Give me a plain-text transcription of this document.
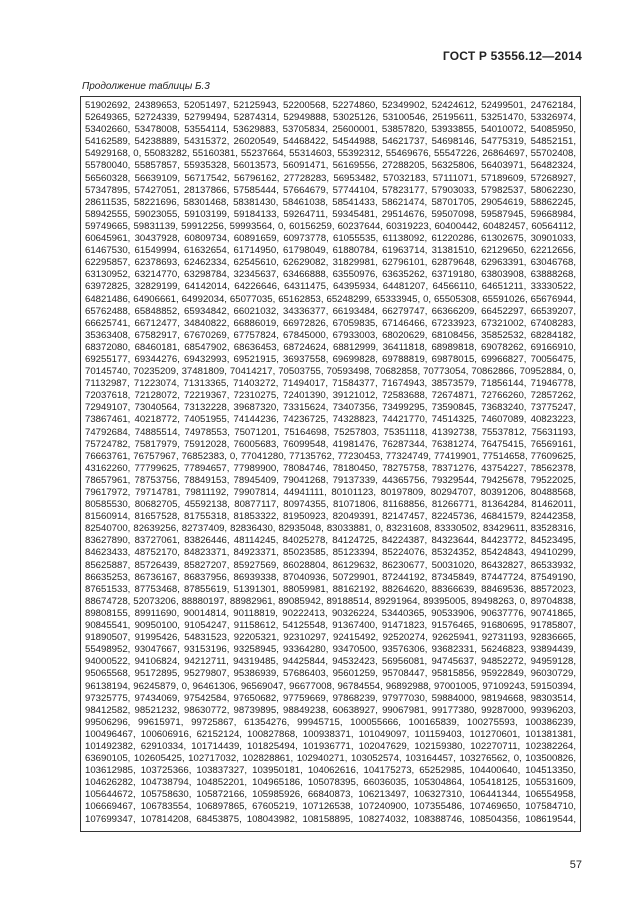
ГОСТ Р 53556.12—2014
Продолжение таблицы Б.3
51902692, 24389653, 52051497, 52125943, 52200568, 52274860, 52349902, 52424612, 52499501, 24762184,
52649365, 52724339, 52799494, 52874314, 52949888, 53025126, 53100546, 25195611, 53251470, 53326974,
53402660, 53478008, 53554114, 53629883, 53705834, 25600001, 53857820, 53933855, 54010072, 54085950,
54162589, 54238889, 54315372, 26020549, 54468422, 54544988, 54621737, 54698146, 54775319, 54852151,
54929168, 0, 55083282, 55160381, 55237664, 55314603, 55392312, 55469676, 55547226, 26864697, 55702408,
55780040, 55857857, 55935328, 56013573, 56091471, 56169556, 27288205, 56325806, 56403971, 56482324,
56560328, 56639109, 56717542, 56796162, 27728283, 56953482, 57032183, 57111071, 57189609, 57268927,
57347895, 57427051, 28137866, 57585444, 57664679, 57744104, 57823177, 57903033, 57982537, 58062230,
28611535, 58221696, 58301468, 58381430, 58461038, 58541433, 58621474, 58701705, 29054619, 58862245,
58942555, 59023055, 59103199, 59184133, 59264711, 59345481, 29514676, 59507098, 59587945, 59668984,
59749665, 59831139, 59912256, 59993564, 0, 60156259, 60237644, 60319223, 60400442, 60482457, 60564112,
60645961, 30437928, 60809734, 60891659, 60973778, 61055535, 61138092, 61220286, 61302675, 30901033,
61467530, 61549994, 61632654, 61714950, 61798049, 61880784, 61963714, 31381510, 62129650, 62212656,
62295857, 62378693, 62462334, 62545610, 62629082, 31829981, 62796101, 62879648, 62963391, 63046768,
63130952, 63214770, 63298784, 32345637, 63466888, 63550976, 63635262, 63719180, 63803908, 63888268,
63972825, 32829199, 64142014, 64226646, 64311475, 64395934, 64481207, 64566110, 64651211, 33330522,
64821486, 64906661, 64992034, 65077035, 65162853, 65248299, 65333945, 0, 65505308, 65591026, 65676944,
65762488, 65848852, 65934842, 66021032, 34336377, 66193484, 66279747, 66366209, 66452297, 66539207,
66625741, 66712477, 34840822, 66886019, 66972826, 67059835, 67146466, 67233923, 67321002, 67408283,
35363408, 67582917, 67670269, 67757824, 67845000, 67933003, 68020629, 68108456, 35852532, 68284182,
68372080, 68460181, 68547902, 68636453, 68724624, 68812999, 36411818, 68989818, 69078262, 69166910,
69255177, 69344276, 69432993, 69521915, 36937558, 69699828, 69788819, 69878015, 69966827, 70056475,
70145740, 70235209, 37481809, 70414217, 70503755, 70593498, 70682858, 70773054, 70862866, 70952884, 0,
71132987, 71223074, 71313365, 71403272, 71494017, 71584377, 71674943, 38573579, 71856144, 71946778,
72037618, 72128072, 72219367, 72310275, 72401390, 39121012, 72583688, 72674871, 72766260, 72857262,
72949107, 73040564, 73132228, 39687320, 73315624, 73407356, 73499295, 73590845, 73683240, 73775247,
73867461, 40218772, 74051955, 74144236, 74236725, 74328823, 74421770, 74514325, 74607089, 40823223,
74792684, 74885514, 74978553, 75071201, 75164698, 75257803, 75351118, 41392738, 75537812, 75631193,
75724782, 75817979, 75912028, 76005683, 76099548, 41981476, 76287344, 76381274, 76475415, 76569161,
76663761, 76757967, 76852383, 0, 77041280, 77135762, 77230453, 77324749, 77419901, 77514658, 77609625,
43162260, 77799625, 77894657, 77989900, 78084746, 78180450, 78275758, 78371276, 43754227, 78562378,
78657961, 78753756, 78849153, 78945409, 79041268, 79137339, 44365756, 79329544, 79425678, 79522025,
79617972, 79714781, 79811192, 79907814, 44941111, 80101123, 80197809, 80294707, 80391206, 80488568,
80585530, 80682705, 45592138, 80877117, 80974355, 81071806, 81168856, 81266771, 81364284, 81462011,
81560914, 81657528, 81755318, 81853322, 81950923, 82049391, 82147457, 82245736, 46841579, 82442358,
82540700, 82639256, 82737409, 82836430, 82935048, 83033881, 0, 83231608, 83330502, 83429611, 83528316,
83627890, 83727061, 83826446, 48114245, 84025278, 84124725, 84224387, 84323644, 84423772, 84523495,
84623433, 48752170, 84823371, 84923371, 85023585, 85123394, 85224076, 85324352, 85424843, 49410299,
85625887, 85726439, 85827207, 85927569, 86028804, 86129632, 86230677, 50031020, 86432827, 86533932,
86635253, 86736167, 86837956, 86939338, 87040936, 50729901, 87244192, 87345849, 87447724, 87549190,
87651533, 87753468, 87855619, 51391301, 88059981, 88162192, 88264620, 88366639, 88469536, 88572023,
88674728, 52073206, 88880197, 88982961, 89085942, 89188514, 89291964, 89395005, 89498263, 0, 89704838,
89808155, 89911690, 90014814, 90118819, 90222413, 90326224, 53440365, 90533906, 90637776, 90741865,
90845541, 90950100, 91054247, 91158612, 54125548, 91367400, 91471823, 91576465, 91680695, 91785807,
91890507, 91995426, 54831523, 92205321, 92310297, 92415492, 92520274, 92625941, 92731193, 92836665,
55498952, 93047667, 93153196, 93258945, 93364280, 93470500, 93576306, 93682331, 56246823, 93894439,
94000522, 94106824, 94212711, 94319485, 94425844, 94532423, 56956081, 94745637, 94852272, 94959128,
95065568, 95172895, 95279807, 95386939, 57686403, 95601259, 95708447, 95815856, 95922849, 96030729,
96138194, 96245879, 0, 96461306, 96569047, 96677008, 96784554, 96892988, 97001005, 97109243, 59150394,
97325775, 97434069, 97542584, 97650682, 97759669, 97868239, 97977030, 59884000, 98194668, 98303514,
98412582, 98521232, 98630772, 98739895, 98849238, 60638927, 99067981, 99177380, 99287000, 99396203,
99506296, 99615971, 99725867, 61354276, 99945715, 100055666, 100165839, 100275593, 100386239,
100496467, 100606916, 62152124, 100827868, 100938371, 101049097, 101159403, 101270601, 101381381,
101492382, 62910334, 101714439, 101825494, 101936771, 102047629, 102159380, 102270711, 102382264,
63690105, 102605425, 102717032, 102828861, 102940271, 103052574, 103164457, 103276562, 0, 103500826,
103612985, 103725366, 103837327, 103950181, 104062616, 104175273, 65252985, 104400640, 104513350,
104626282, 104738794, 104852201, 104965186, 105078395, 66036035, 105304864, 105418125, 105531609,
105644672, 105758630, 105872166, 105985926, 66840873, 106213497, 106327310, 106441344, 106554958,
106669467, 106783554, 106897865, 67605219, 107126538, 107240900, 107355486, 107469650, 107584710,
107699347, 107814208, 68453875, 108043982, 108158895, 108274032, 108388746, 108504356, 108619544,
57
